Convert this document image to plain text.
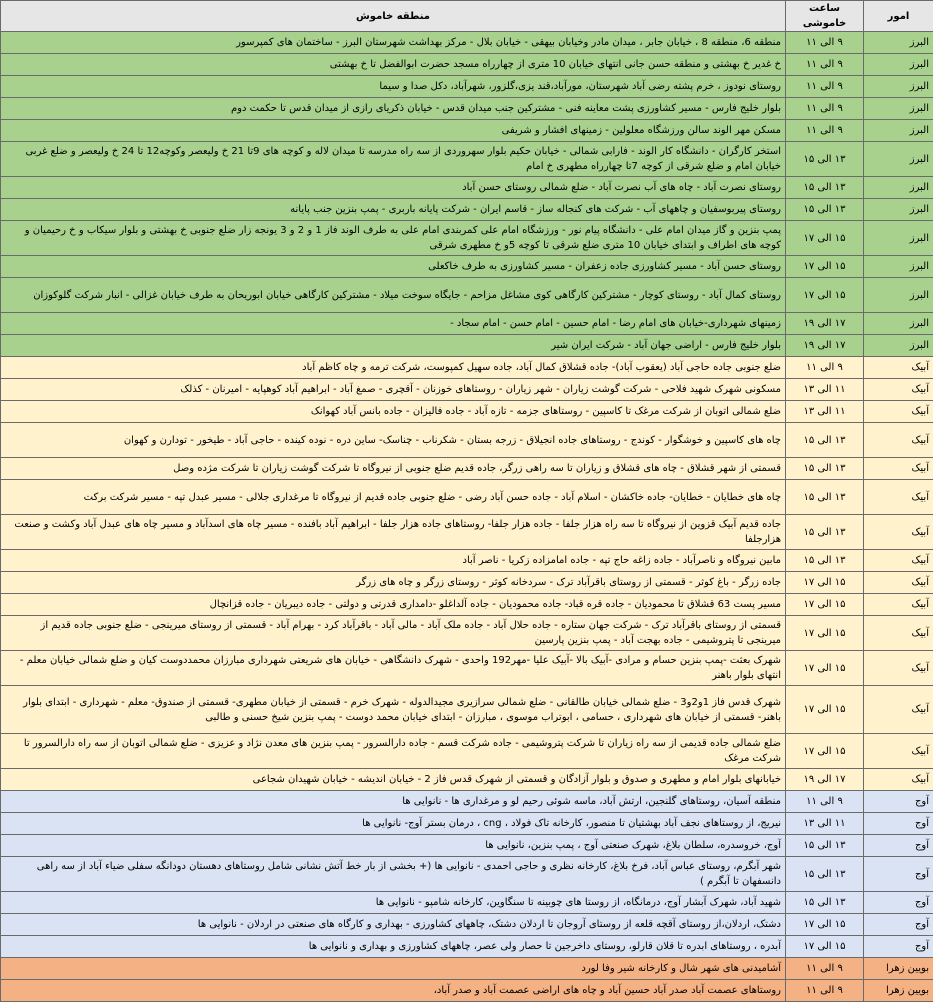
امور	ساعت خاموشی	منطقه خاموش
البرز	۹ الی ۱۱	منطقه 6، منطقه 8 ، خیابان جابر ، میدان مادر وخیابان بیهقی - خیابان بلال - مرکز بهداشت شهرستان البرز - ساختمان های کمپرسور
البرز	۹ الی ۱۱	خ غدیر خ بهشتی و منطقه حسن جانی انتهای خیابان 10 متری از چهارراه مسجد حضرت ابوالفضل تا خ بهشتی
البرز	۹ الی ۱۱	روستای نودوز ، خرم پشته رضی آباد شهرستان، مورآباد،قند یزی،گلزور، شهرآباد، دکل صدا و سیما
البرز	۹ الی ۱۱	بلوار خلیج فارس - مسیر کشاورزی پشت معاینه فنی - مشترکین جنب میدان قدس - خیابان ذکریای رازی از میدان قدس تا حکمت دوم
البرز	۹ الی ۱۱	مسکن مهر الوند سالن ورزشگاه معلولین - زمینهای افشار و شریفی
البرز	۱۳ الی ۱۵	استخر کارگران - دانشگاه کار الوند - فارابی شمالی - خیابان حکیم بلوار سهروردی از سه راه مدرسه تا میدان لاله و کوچه های 9تا 21 خ ولیعصر وکوچه12 تا 24 خ ولیعصر و ضلع غربی خیابان امام و ضلع شرقی از کوچه 7تا چهارراه مطهری خ امام
البرز	۱۳ الی ۱۵	روستای نصرت آباد - چاه های آب نصرت آباد - ضلع شمالی روستای حسن آباد
البرز	۱۳ الی ۱۵	روستای پیربوسفیان و چاههای آب - شرکت های کنجاله ساز - قاسم ایران - شرکت پایانه باربری - پمپ بنزین جنب پایانه
البرز	۱۵ الی ۱۷	پمپ بنزین و گاز میدان امام علی - دانشگاه پیام نور - ورزشگاه امام علی کمربندی امام علی به طرف الوند فاز 1 و 2 و 3 یونجه زار ضلع جنوبی خ بهشتی و بلوار سیکاب و خ رحیمیان و کوچه های اطراف و ابتدای خیابان 10 متری ضلع شرقی تا کوچه 5و خ مطهری شرقی
البرز	۱۵ الی ۱۷	روستای حسن آباد - مسیر کشاورزی جاده زعفران - مسیر کشاورزی به طرف خاکعلی
البرز	۱۵ الی ۱۷	روستای کمال آباد - روستای کوچار - مشترکین کارگاهی کوی مشاغل مزاحم - جایگاه سوخت میلاد - مشترکین کارگاهی خیابان ابوریحان به طرف خیابان غزالی - انبار شرکت گلوکوزان
البرز	۱۷ الی ۱۹	زمینهای شهرداری-خیابان های امام رضا - امام حسین - امام حسن - امام سجاد -
البرز	۱۷ الی ۱۹	بلوار خلیج فارس - اراضی جهان آباد - شرکت ایران شیر
آبیک	۹ الی ۱۱	ضلع جنوبی جاده حاجی آباد (یعقوب آباد)- جاده قشلاق کمال آباد، جاده سهیل کمپوست، شرکت ترمه و چاه کاظم آباد
آبیک	۱۱ الی ۱۳	مسکونی شهرک شهید فلاحی - شرکت گوشت زیاران - شهر زیاران - روستاهای خوزنان - آقچری - صمغ آباد - ابراهیم آباد کوهپایه - امیرنان - کذلک
آبیک	۱۱ الی ۱۳	ضلع شمالی اتوبان از شرکت مرغک تا کاسپین - روستاهای جزمه - تازه آباد - جاده فالیزان - جاده بانس آباد کهوانک
آبیک	۱۳ الی ۱۵	چاه های کاسپین و خوشگوار - کوندج - روستاهای جاده انجیلاق - زرجه بستان - شکرناب - چناسک- ساین دره - نوده کینده - حاجی آباد - طیخور - تودارن و کهوان
آبیک	۱۳ الی ۱۵	قسمتی از شهر قشلاق - چاه های قشلاق و زیاران تا سه راهی زرگر، جاده قدیم ضلع جنوبی از نیروگاه تا شرکت گوشت زیاران تا شرکت مژده وصل
آبیک	۱۳ الی ۱۵	چاه های خطایان - خطایان- جاده خاکشان - اسلام آباد - جاده حسن آباد رضی - ضلع جنوبی جاده قدیم از نیروگاه تا مرغداری جلالی - مسیر عبدل تپه - مسیر شرکت برکت
آبیک	۱۳ الی ۱۵	جاده قدیم آبیک قزوین از نیروگاه تا سه راه هزار جلفا - جاده هزار جلفا- روستاهای جاده هزار جلفا - ابراهیم آباد بافنده - مسیر چاه های اسدآباد و مسیر چاه های عبدل آباد وکشت و صنعت هزارجلفا
آبیک	۱۳ الی ۱۵	مابین نیروگاه و ناصرآباد - جاده زاغه حاج تپه - جاده امامزاده زکریا - ناصر آباد
آبیک	۱۵ الی ۱۷	جاده زرگر - باغ کوثر - قسمتی از روستای باقرآباد ترک - سردخانه کوثر - روستای زرگر و چاه های زرگر
آبیک	۱۵ الی ۱۷	مسیر پست 63 قشلاق تا محمودیان - جاده قره قباد- جاده محمودیان - جاده آلداغلو -دامداری قدرتی و دولتی - جاده دیبریان - جاده قزانچال
آبیک	۱۵ الی ۱۷	قسمتی از روستای باقرآباد ترک - شرکت جهان ستاره - جاده حلال آباد - جاده ملک آباد - مالی آباد - باقرآباد کرد - بهرام آباد - قسمتی از روستای میرینجی - ضلع جنوبی جاده قدیم از میرینجی تا پتروشیمی - جاده بهجت آباد - پمپ بنزین پارسین
آبیک	۱۵ الی ۱۷	شهرک بعثت -پمپ بنزین حسام و مرادی -آبیک بالا -آبیک علیا -مهر192 واحدی - شهرک دانشگاهی - خیابان های شریعتی شهرداری مبارزان محمددوست کیان و ضلع شمالی خیابان معلم - انتهای بلوار باهنر
آبیک	۱۵ الی ۱۷	شهرک قدس فاز 1و2و3 - ضلع شمالی خیابان طالقانی - ضلع شمالی سرازیری مجیدالدوله - شهرک خرم - قسمتی از خیابان مطهری- قسمتی از صندوق- معلم - شهرداری - ابتدای بلوار باهنر- قسمتی از خیابان های شهرداری ، حسامی ، ابوتراب موسوی ، مبارزان - ابتدای خیابان محمد دوست - پمپ بنزین شیخ حسنی و طالبی
آبیک	۱۵ الی ۱۷	ضلع شمالی جاده قدیمی از سه راه زیاران تا شرکت پتروشیمی - جاده شرکت قسم - جاده دارالسرور - پمپ بنزین های معدن نژاد و عزیزی - ضلع شمالی اتوبان از سه راه دارالسرور تا شرکت مرغک
آبیک	۱۷ الی ۱۹	خیابانهای بلوار امام و مطهری و صدوق و بلوار آزادگان و قسمتی از شهرک قدس فاز 2 - خیابان اندیشه - خیابان شهیدان شجاعی
آوج	۹ الی ۱۱	منطقه آسیان، روستاهای گلنجین، ارتش آباد، ماسه شوئی رحیم لو و مرغداری ها - نانوایی ها
آوج	۱۱ الی ۱۳	نیریج، از روستاهای نجف آباد بهشتیان تا منصور، کارخانه تاک فولاد ، cng ، درمان بستر آوج- نانوایی ها
آوج	۱۳ الی ۱۵	آوج، خروسدره، سلطان بلاغ، شهرک صنعتی آوج ، پمپ بنزین، نانوایی ها
آوج	۱۳ الی ۱۵	شهر آبگرم، روستای عباس آباد، فرخ بلاغ، کارخانه نظری و حاجی احمدی - نانوایی ها (+ بخشی از بار خط آتش نشانی شامل روستاهای دهستان دودانگه سفلی ضیاء آباد از سه راهی دانسفهان تا آبگرم )
آوج	۱۳ الی ۱۵	شهید آباد، شهرک آبشار آوج، درمانگاه، از روستا های چوبینه تا سنگاوین، کارخانه شامپو - نانوایی ها
آوج	۱۵ الی ۱۷	دشتک، اردلان،از روستای آقچه قلعه از روستای آروجان تا اردلان دشتک، چاههای کشاورزی - بهداری و کارگاه های صنعتی در اردلان - نانوایی ها
آوج	۱۵ الی ۱۷	آبدره ، روستاهای ابدره تا قلان قارلو، روستای داخرجین تا حصار ولی عصر، چاههای کشاورزی و بهداری و نانوایی ها
بویین زهرا	۹ الی ۱۱	آشامیدنی های شهر شال و کارخانه شیر وفا لورد
بویین زهرا	۹ الی ۱۱	روستاهای عصمت آباد صدر آباد حسین آباد و چاه های اراضی عصمت آباد و صدر آباد،
